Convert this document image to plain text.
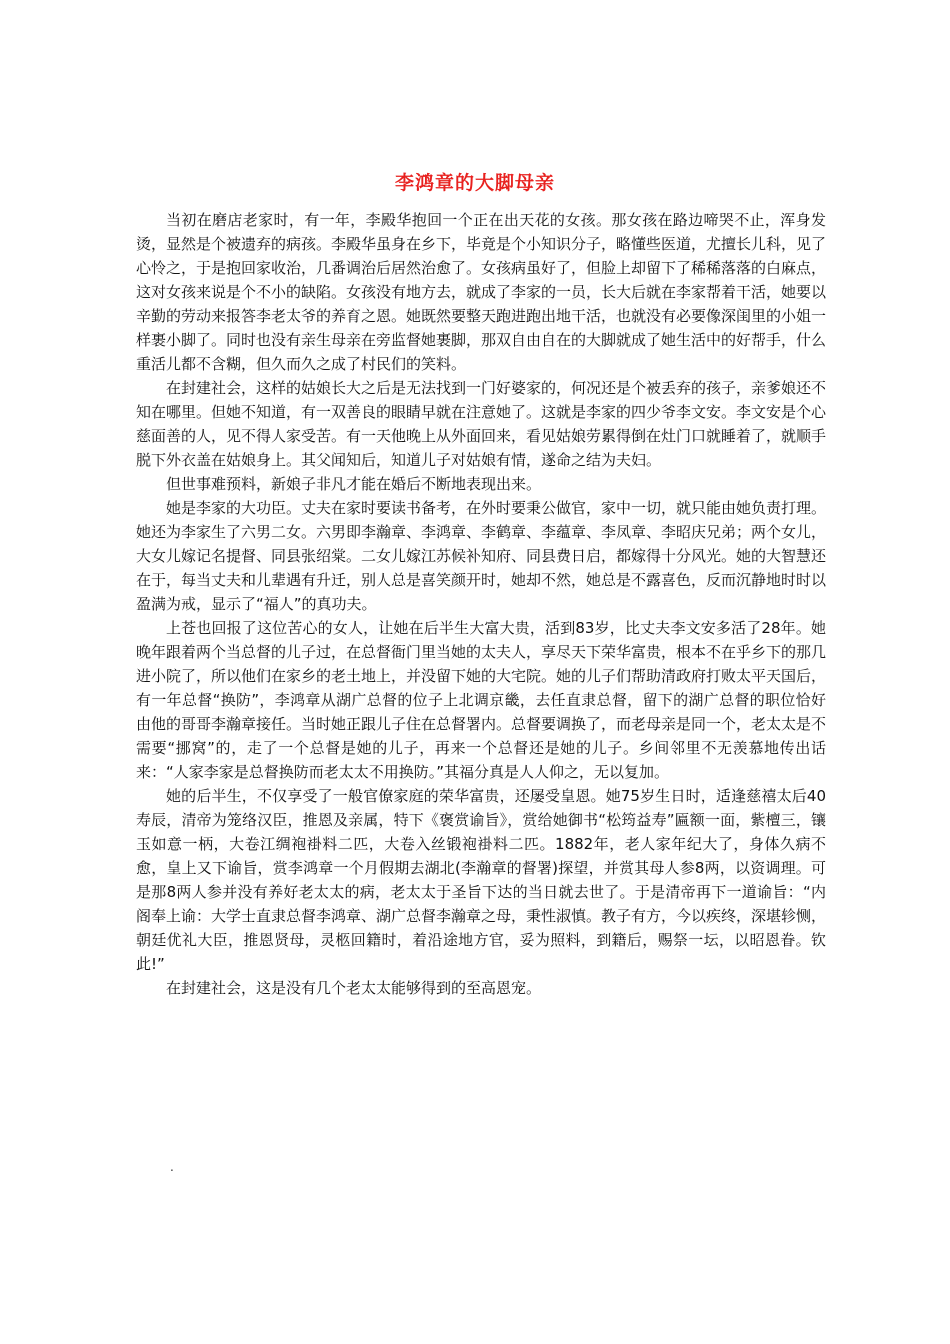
李鸿章的大脚母亲

当初在磨店老家时，有一年，李殿华抱回一个正在出天花的女孩。那女孩在路边啼哭不止，浑身发烫，显然是个被遗弃的病孩。李殿华虽身在乡下，毕竟是个小知识分子，略懂些医道，尤擅长儿科，见了心怜之，于是抱回家收治，几番调治后居然治愈了。女孩病虽好了，但脸上却留下了稀稀落落的白麻点，这对女孩来说是个不小的缺陷。女孩没有地方去，就成了李家的一员，长大后就在李家帮着干活，她要以辛勤的劳动来报答李老太爷的养育之恩。她既然要整天跑进跑出地干活，也就没有必要像深闺里的小姐一样裹小脚了。同时也没有亲生母亲在旁监督她裹脚，那双自由自在的大脚就成了她生活中的好帮手，什么重活儿都不含糊，但久而久之成了村民们的笑料。

在封建社会，这样的姑娘长大之后是无法找到一门好婆家的，何况还是个被丢弃的孩子，亲爹娘还不知在哪里。但她不知道，有一双善良的眼睛早就在注意她了。这就是李家的四少爷李文安。李文安是个心慈面善的人，见不得人家受苦。有一天他晚上从外面回来，看见姑娘劳累得倒在灶门口就睡着了，就顺手脱下外衣盖在姑娘身上。其父闻知后，知道儿子对姑娘有情，遂命之结为夫妇。

但世事难预料，新娘子非凡才能在婚后不断地表现出来。

她是李家的大功臣。丈夫在家时要读书备考，在外时要秉公做官，家中一切，就只能由她负责打理。她还为李家生了六男二女。六男即李瀚章、李鸿章、李鹤章、李蕴章、李凤章、李昭庆兄弟；两个女儿，大女儿嫁记名提督、同县张绍棠。二女儿嫁江苏候补知府、同县费日启，都嫁得十分风光。她的大智慧还在于，每当丈夫和儿辈遇有升迁，别人总是喜笑颜开时，她却不然，她总是不露喜色，反而沉静地时时以盈满为戒，显示了“福人”的真功夫。

上苍也回报了这位苦心的女人，让她在后半生大富大贵，活到83岁，比丈夫李文安多活了28年。她晚年跟着两个当总督的儿子过，在总督衙门里当她的太夫人，享尽天下荣华富贵，根本不在乎乡下的那几进小院了，所以他们在家乡的老土地上，并没留下她的大宅院。她的儿子们帮助清政府打败太平天国后，有一年总督“换防”，李鸿章从湖广总督的位子上北调京畿，去任直隶总督，留下的湖广总督的职位恰好由他的哥哥李瀚章接任。当时她正跟儿子住在总督署内。总督要调换了，而老母亲是同一个，老太太是不需要“挪窝”的，走了一个总督是她的儿子，再来一个总督还是她的儿子。乡间邻里不无羡慕地传出话来：“人家李家是总督换防而老太太不用换防。”其福分真是人人仰之，无以复加。

她的后半生，不仅享受了一般官僚家庭的荣华富贵，还屡受皇恩。她75岁生日时，适逢慈禧太后40寿辰，清帝为笼络汉臣，推恩及亲属，特下《褒赏谕旨》，赏给她御书“松筠益寿”匾额一面，紫檀三，镶玉如意一柄，大卷江绸袍褂料二匹，大卷入丝锻袍褂料二匹。1882年，老人家年纪大了，身体久病不愈，皇上又下谕旨，赏李鸿章一个月假期去湖北(李瀚章的督署)探望，并赏其母人参8两，以资调理。可是那8两人参并没有养好老太太的病，老太太于圣旨下达的当日就去世了。于是清帝再下一道谕旨：“内阁奉上谕：大学士直隶总督李鸿章、湖广总督李瀚章之母，秉性淑慎。教子有方，今以疾终，深堪轸恻，朝廷优礼大臣，推恩贤母，灵柩回籍时，着沿途地方官，妥为照料，到籍后，赐祭一坛，以昭恩眷。钦此!”

在封建社会，这是没有几个老太太能够得到的至高恩宠。

.
